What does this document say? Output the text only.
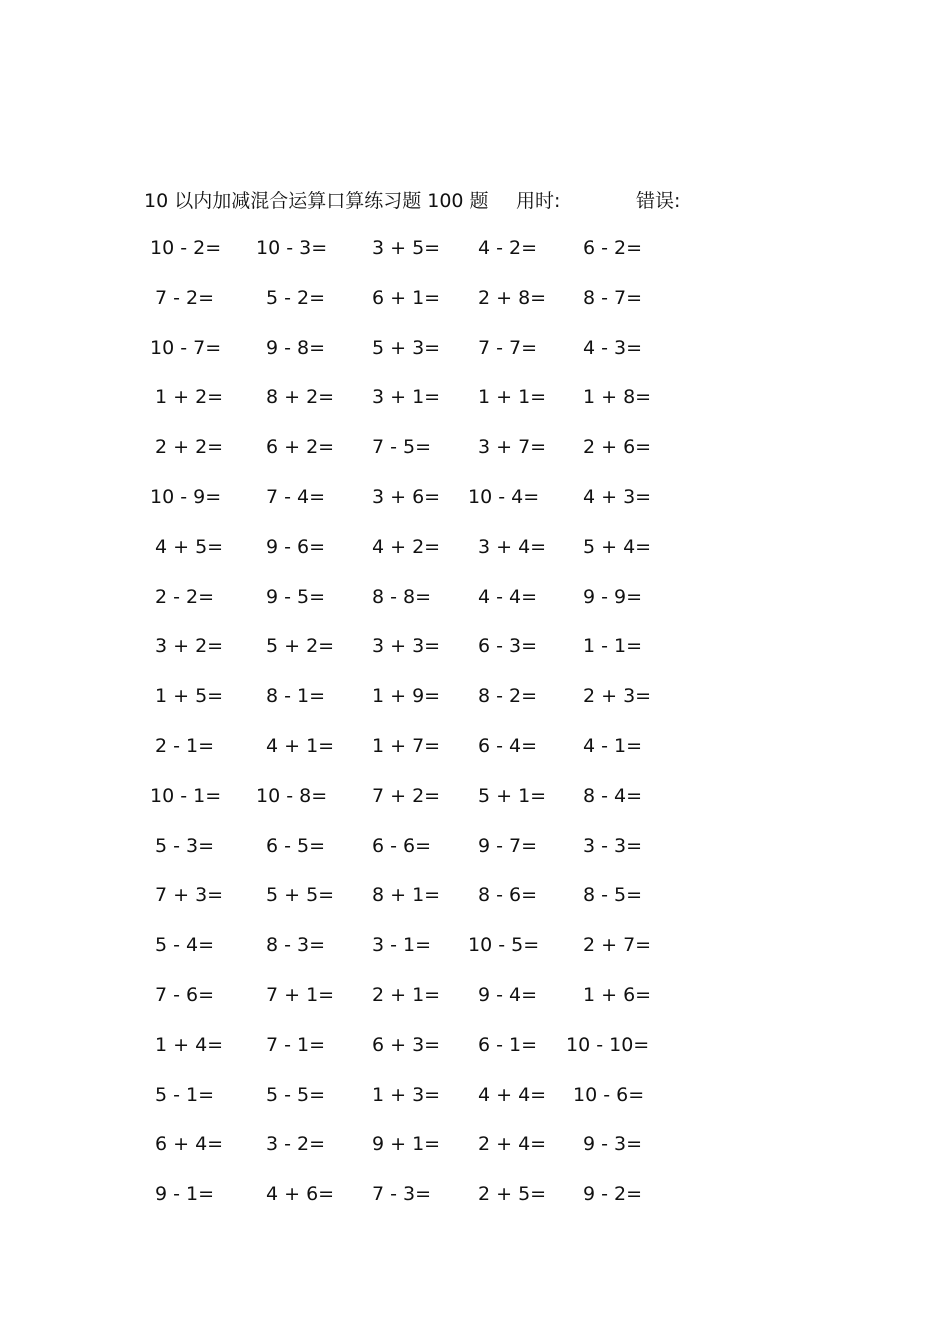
10 以内加减混合运算口算练习题 100 题 用时:	错误:
10 - 2= 10 - 3= 3 + 5= 4 - 2= 6 - 2=
7 - 2=	5 - 2= 6 + 1= 2 + 8= 8 - 7=
10 - 7= 9 - 8= 5 + 3= 7 - 7= 4 - 3=
1 + 2= 8 + 2= 3 + 1= 1 + 1= 1 + 8=
2 + 2= 6 + 2= 7 - 5= 3 + 7= 2 + 6=
10 - 9= 7 - 4= 3 + 6= 10 - 4= 4 + 3=
4 + 5= 9 - 6= 4 + 2= 3 + 4= 5 + 4=
2 - 2=	9 - 5= 8 - 8= 4 - 4= 9 - 9=
3 + 2= 5 + 2= 3 + 3= 6 - 3= 1 - 1=
1 + 5= 8 - 1= 1 + 9= 8 - 2= 2 + 3=
2 - 1=	4 + 1= 1 + 7= 6 - 4= 4 - 1=
10 - 1= 10 - 8= 7 + 2= 5 + 1= 8 - 4=
5 - 3=	6 - 5= 6 - 6= 9 - 7= 3 - 3=
7 + 3= 5 + 5= 8 + 1= 8 - 6= 8 - 5=
5 - 4=	8 - 3= 3 - 1= 10 - 5= 2 + 7=
7 - 6=	7 + 1= 2 + 1= 9 - 4= 1 + 6=
1 + 4= 7 - 1= 6 + 3= 6 - 1= 10 - 10=
5 - 1=	5 - 5= 1 + 3= 4 + 4= 10 - 6=
6 + 4= 3 - 2= 9 + 1= 2 + 4= 9 - 3=
9 - 1=	4 + 6= 7 - 3= 2 + 5= 9 - 2=
